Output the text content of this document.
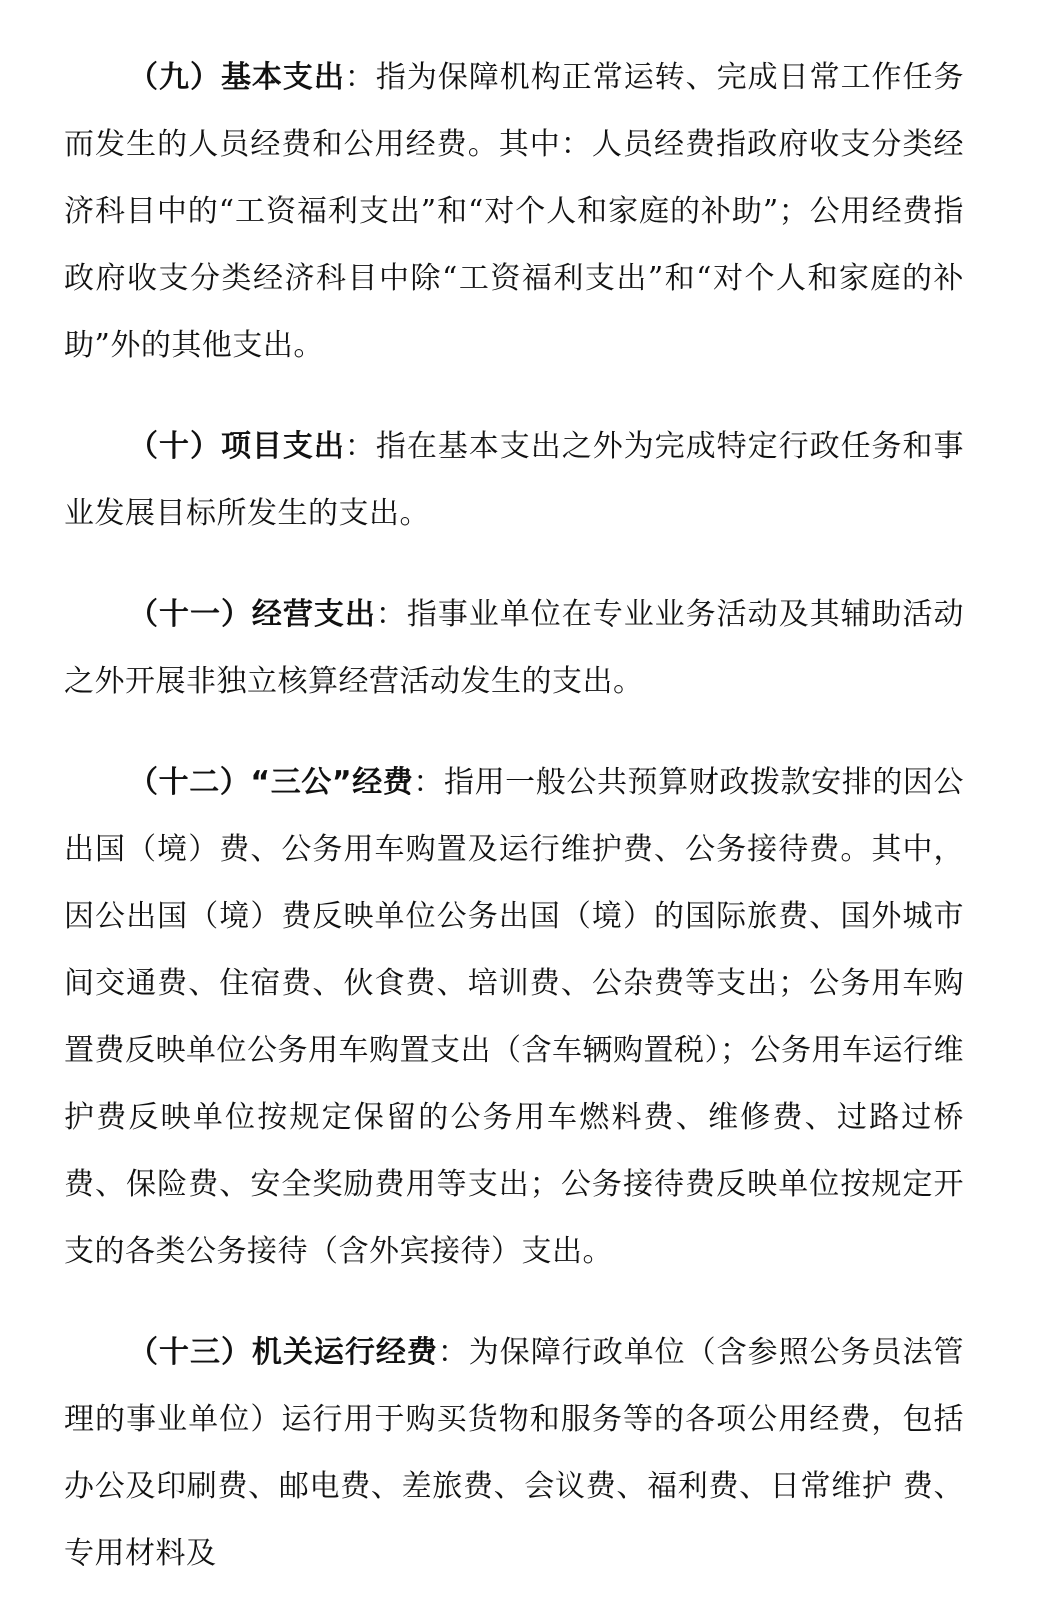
（九）基本支出：指为保障机构正常运转、完成日常工作任务而发生的人员经费和公用经费。其中：人员经费指政府收支分类经济科目中的“工资福利支出”和“对个人和家庭的补助”；公用经费指政府收支分类经济科目中除“工资福利支出”和“对个人和家庭的补助”外的其他支出。

（十）项目支出：指在基本支出之外为完成特定行政任务和事业发展目标所发生的支出。

（十一）经营支出：指事业单位在专业业务活动及其辅助活动之外开展非独立核算经营活动发生的支出。

（十二）“三公”经费：指用一般公共预算财政拨款安排的因公出国（境）费、公务用车购置及运行维护费、公务接待费。其中，因公出国（境）费反映单位公务出国（境）的国际旅费、国外城市间交通费、住宿费、伙食费、培训费、公杂费等支出；公务用车购置费反映单位公务用车购置支出（含车辆购置税）；公务用车运行维护费反映单位按规定保留的公务用车燃料费、维修费、过路过桥费、保险费、安全奖励费用等支出；公务接待费反映单位按规定开支的各类公务接待（含外宾接待）支出。

（十三）机关运行经费：为保障行政单位（含参照公务员法管理的事业单位）运行用于购买货物和服务等的各项公用经费，包括办公及印刷费、邮电费、差旅费、会议费、福利费、日常维护 费、专用材料及
